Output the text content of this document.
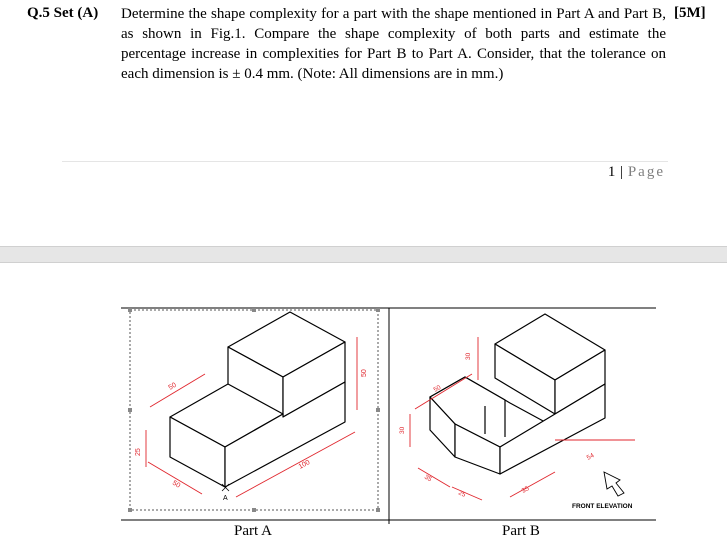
Q.5 Set (A) Determine the shape complexity for a part with the shape mentioned in Part A and Part B, as shown in Fig.1. Compare the shape complexity of both parts and estimate the percentage increase in complexities for Part B to Part A. Consider, that the tolerance on each dimension is ± 0.4 mm. (Note: All dimensions are in mm.)
[5M]
1 | Page
50
50
100
50
25
A
30
50
30
35
25	35
54
FRONT ELEVATION
Part A	Part B
